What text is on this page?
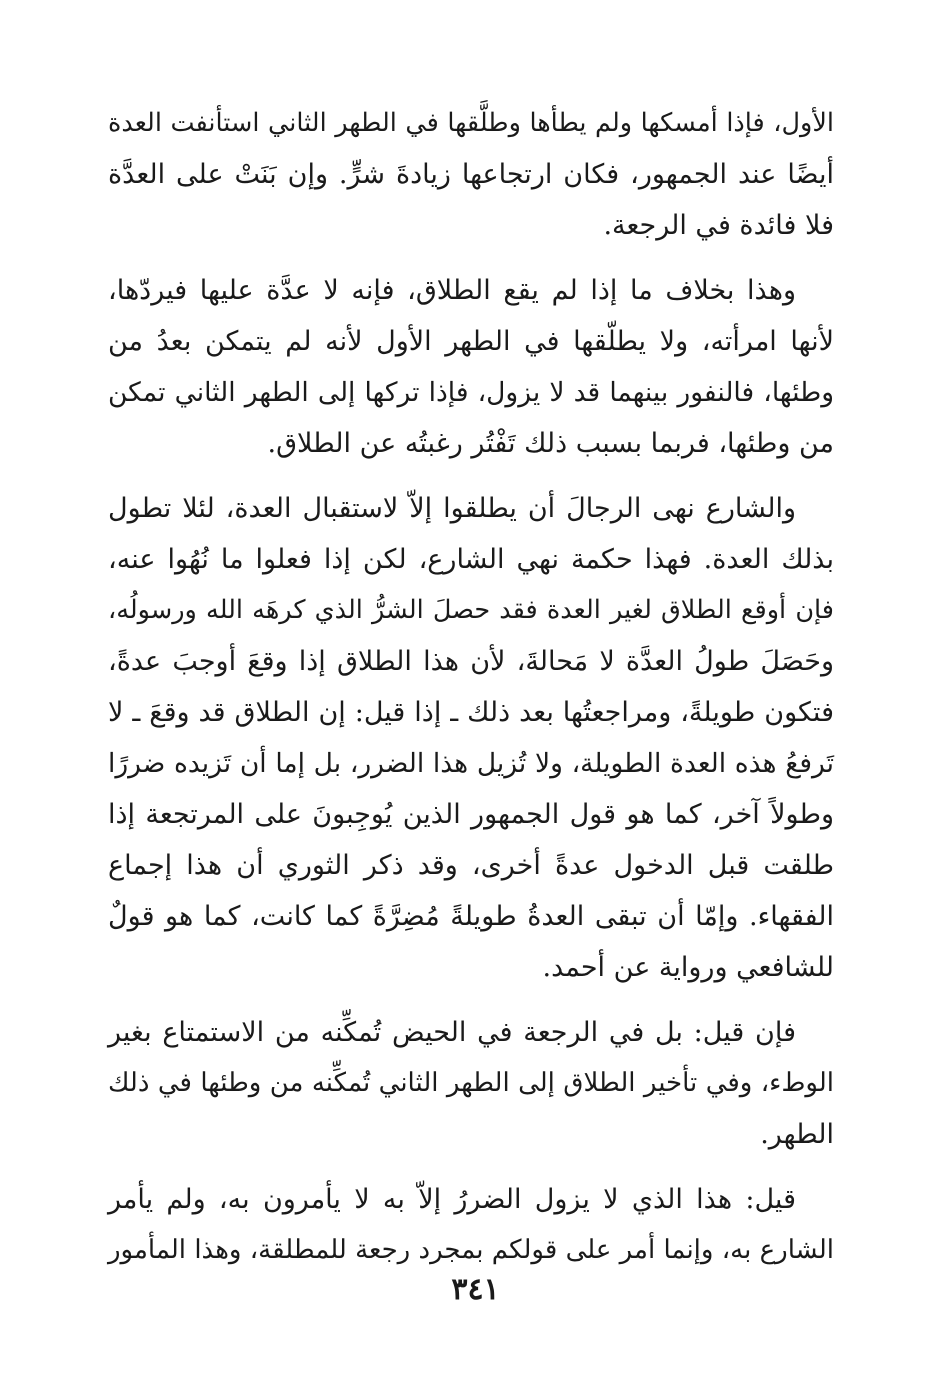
الأول، فإذا أمسكها ولم يطأها وطلَّقها في الطهر الثاني استأنفت العدة
أيضًا عند الجمهور، فكان ارتجاعها زيادةَ شرٍّ. وإن بَنَتْ على العدَّة
فلا فائدة في الرجعة.

وهذا بخلاف ما إذا لم يقع الطلاق، فإنه لا عدَّة عليها فيردّها،
لأنها امرأته، ولا يطلّقها في الطهر الأول لأنه لم يتمكن بعدُ من
وطئها، فالنفور بينهما قد لا يزول، فإذا تركها إلى الطهر الثاني تمكن
من وطئها، فربما بسبب ذلك تَفْتُر رغبتُه عن الطلاق.

والشارع نهى الرجالَ أن يطلقوا إلاّ لاستقبال العدة، لئلا تطول
بذلك العدة. فهذا حكمة نهي الشارع، لكن إذا فعلوا ما نُهُوا عنه،
فإن أوقع الطلاق لغير العدة فقد حصلَ الشرُّ الذي كرهَه الله ورسولُه،
وحَصَلَ طولُ العدَّة لا مَحالةَ، لأن هذا الطلاق إذا وقعَ أوجبَ عدةً،
فتكون طويلةً، ومراجعتُها بعد ذلك ـ إذا قيل: إن الطلاق قد وقعَ ـ لا
تَرفعُ هذه العدة الطويلة، ولا تُزيل هذا الضرر، بل إما أن تَزيده ضررًا
وطولاً آخر، كما هو قول الجمهور الذين يُوجِبونَ على المرتجعة إذا
طلقت قبل الدخول عدةً أخرى، وقد ذكر الثوري أن هذا إجماع
الفقهاء. وإمّا أن تبقى العدةُ طويلةً مُضِرَّةً كما كانت، كما هو قولٌ
للشافعي ورواية عن أحمد.

فإن قيل: بل في الرجعة في الحيض تُمكِّنه من الاستمتاع بغير
الوطء، وفي تأخير الطلاق إلى الطهر الثاني تُمكِّنه من وطئها في ذلك
الطهر.

قيل: هذا الذي لا يزول الضررُ إلاّ به لا يأمرون به، ولم يأمر
الشارع به، وإنما أمر على قولكم بمجرد رجعة للمطلقة، وهذا المأمور

٣٤١
